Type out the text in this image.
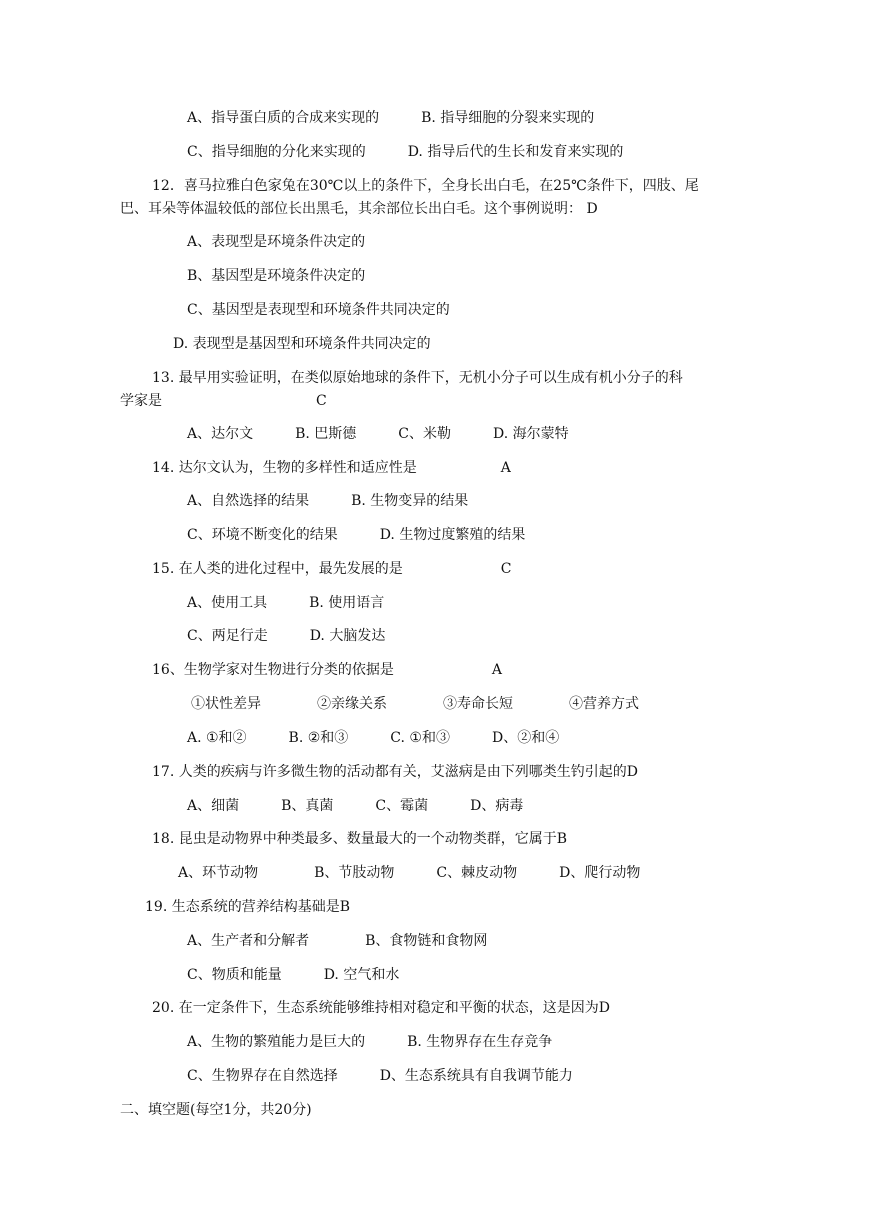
A、指导蛋白质的合成来实现的　　　B. 指导细胞的分裂来实现的
C、指导细胞的分化来实现的　　　D. 指导后代的生长和发育来实现的
12．喜马拉雅白色家兔在30℃以上的条件下，全身长出白毛，在25℃条件下，四肢、尾
巴、耳朵等体温较低的部位长出黑毛，其余部位长出白毛。这个事例说明： D
A、表现型是环境条件决定的
B、基因型是环境条件决定的
C、基因型是表现型和环境条件共同决定的
D. 表现型是基因型和环境条件共同决定的
13. 最早用实验证明，在类似原始地球的条件下，无机小分子可以生成有机小分子的科
学家是　　　　　　　　　　　C
A、达尔文　　　B. 巴斯德　　　C、米勒　　　D. 海尔蒙特
14. 达尔文认为，生物的多样性和适应性是　　　　　　A
A、自然选择的结果　　　B. 生物变异的结果
C、环境不断变化的结果　　　D. 生物过度繁殖的结果
15. 在人类的进化过程中，最先发展的是　　　　　　　C
A、使用工具　　　B. 使用语言
C、两足行走　　　D. 大脑发达
16、生物学家对生物进行分类的依据是　　　　　　　A
①状性差异　　　　②亲缘关系　　　　③寿命长短　　　　④营养方式
A. ①和②　　　B. ②和③　　　C. ①和③　　　D、②和④
17. 人类的疾病与许多微生物的活动都有关，艾滋病是由下列哪类生钓引起的D
A、细菌　　　B、真菌　　　C、霉菌　　　D、病毒
18. 昆虫是动物界中种类最多、数量最大的一个动物类群，它属于B
A、环节动物　　　　B、节肢动物　　　C、棘皮动物　　　D、爬行动物
19. 生态系统的营养结构基础是B
A、生产者和分解者　　　　B、食物链和食物网
C、物质和能量　　　D. 空气和水
20. 在一定条件下，生态系统能够维持相对稳定和平衡的状态，这是因为D
A、生物的繁殖能力是巨大的　　　B. 生物界存在生存竞争
C、生物界存在自然选择　　　D、生态系统具有自我调节能力
二、填空题(每空1分，共20分)
